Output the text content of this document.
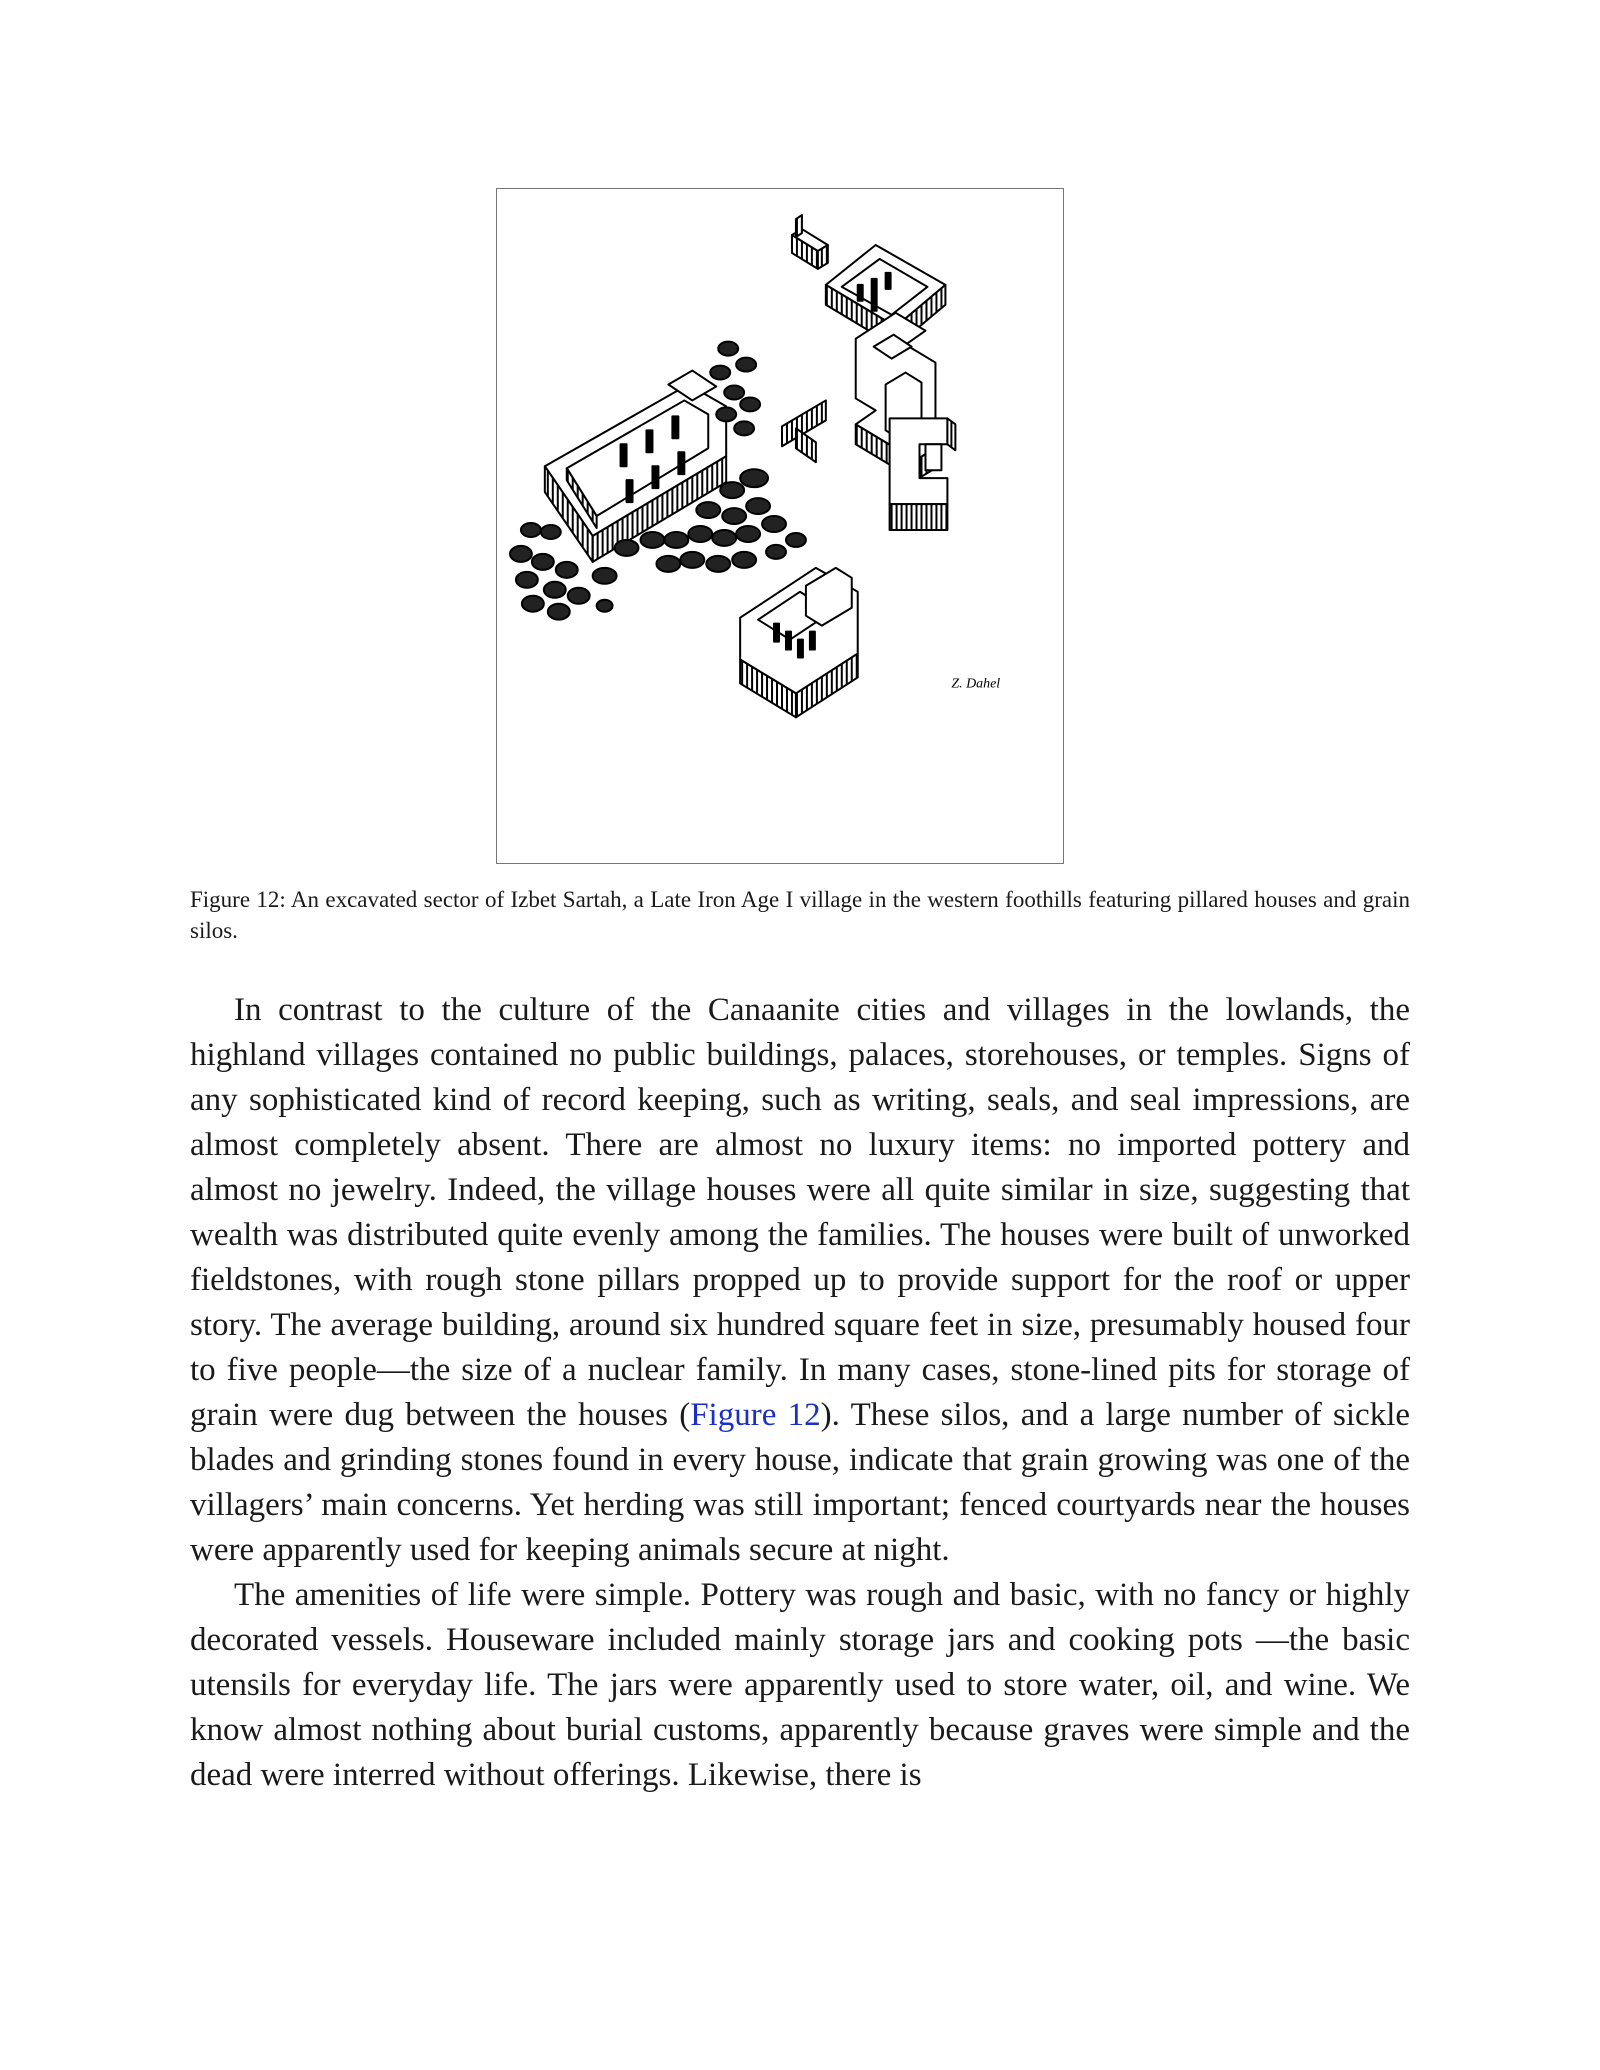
Z. Dahel
Figure 12: An excavated sector of Izbet Sartah, a Late Iron Age I village in the western foothills featuring pillared houses and grain silos.

In contrast to the culture of the Canaanite cities and villages in the lowlands, the highland villages contained no public buildings, palaces, storehouses, or temples. Signs of any sophisticated kind of record keeping, such as writing, seals, and seal impressions, are almost completely absent. There are almost no luxury items: no imported pottery and almost no jewelry. Indeed, the village houses were all quite similar in size, suggesting that wealth was distributed quite evenly among the families. The houses were built of unworked fieldstones, with rough stone pillars propped up to provide support for the roof or upper story. The average building, around six hundred square feet in size, presumably housed four to five people—the size of a nuclear family. In many cases, stone-lined pits for storage of grain were dug between the houses (Figure 12). These silos, and a large number of sickle blades and grinding stones found in every house, indicate that grain growing was one of the villagers’ main concerns. Yet herding was still important; fenced courtyards near the houses were apparently used for keeping animals secure at night.

The amenities of life were simple. Pottery was rough and basic, with no fancy or highly decorated vessels. Houseware included mainly storage jars and cooking pots —the basic utensils for everyday life. The jars were apparently used to store water, oil, and wine. We know almost nothing about burial customs, apparently because graves were simple and the dead were interred without offerings. Likewise, there is
